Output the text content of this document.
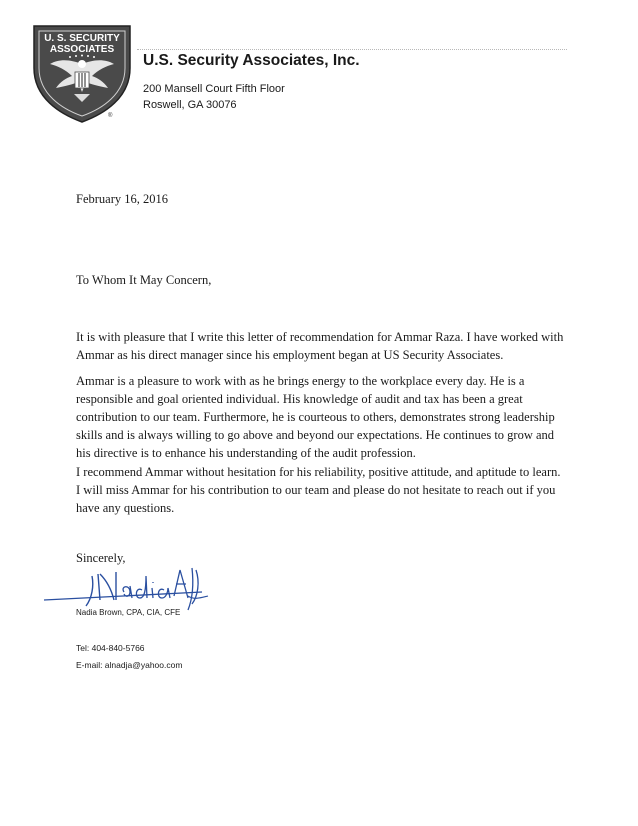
U. S. SECURITY
ASSOCIATES
®
U.S. Security Associates, Inc.
200 Mansell Court Fifth Floor
Roswell, GA 30076
February 16, 2016
To Whom It May Concern,

It is with pleasure that I write this letter of recommendation for Ammar Raza. I have worked with Ammar as his direct manager since his employment began at US Security Associates.

Ammar is a pleasure to work with as he brings energy to the workplace every day. He is a responsible and goal oriented individual. His knowledge of audit and tax has been a great contribution to our team. Furthermore, he is courteous to others, demonstrates strong leadership skills and is always willing to go above and beyond our expectations. He continues to grow and his directive is to enhance his understanding of the audit profession.

I recommend Ammar without hesitation for his reliability, positive attitude, and aptitude to learn. I will miss Ammar for his contribution to our team and please do not hesitate to reach out if you have any questions.

Sincerely,
Nadia Brown, CPA, CIA, CFE
Tel: 404-840-5766
E-mail: alnadja@yahoo.com
